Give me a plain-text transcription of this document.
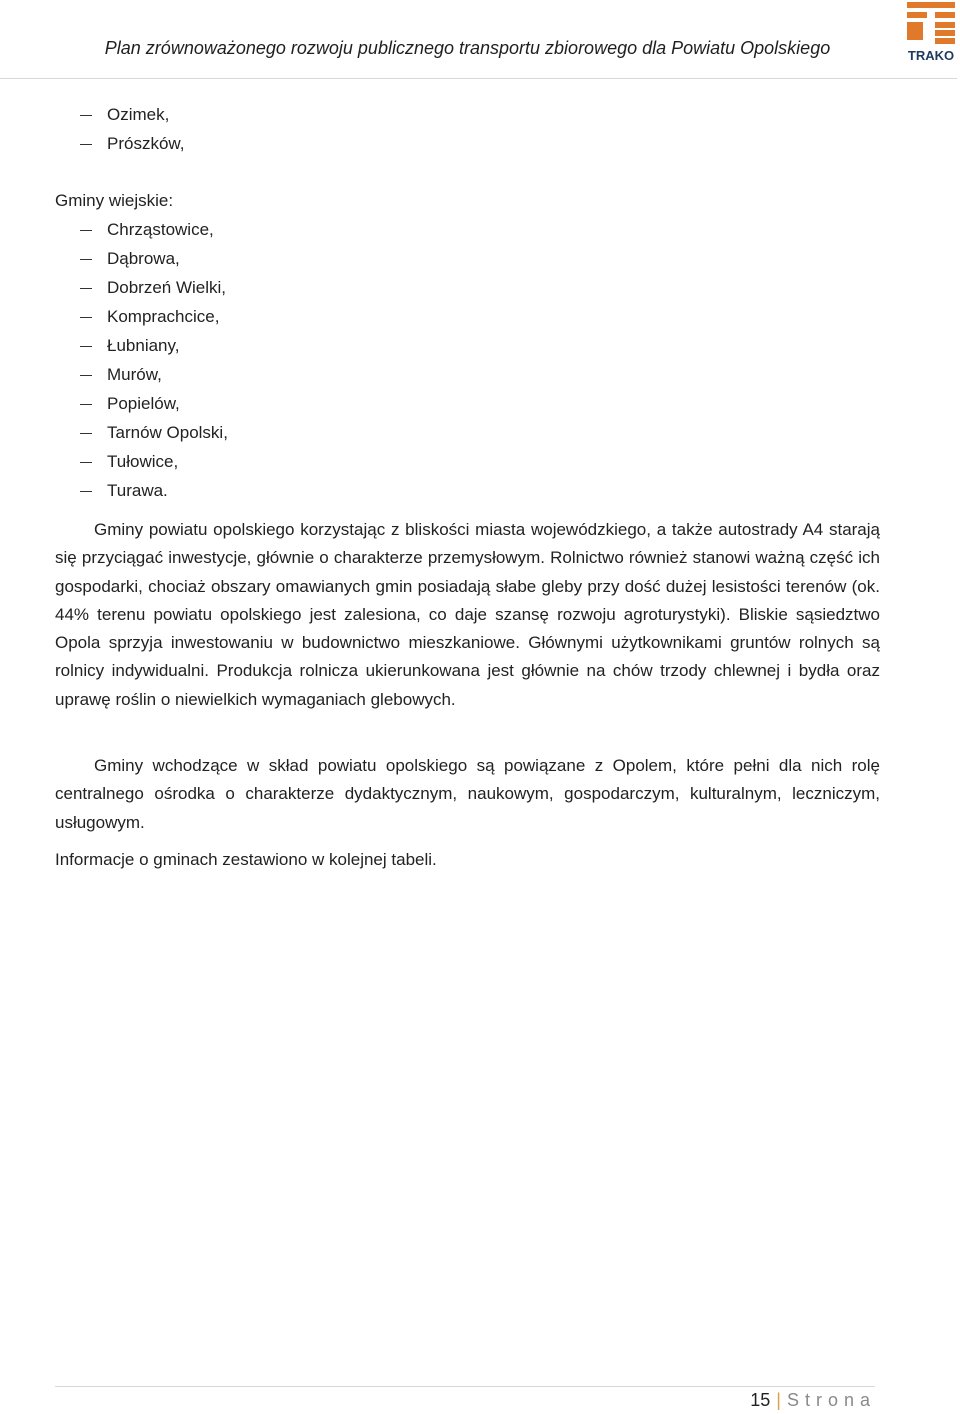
Plan zrównoważonego rozwoju publicznego transportu zbiorowego dla Powiatu Opolskiego	TRAKO
Ozimek,
Prószków,
Gminy wiejskie:
Chrząstowice,
Dąbrowa,
Dobrzeń Wielki,
Komprachcice,
Łubniany,
Murów,
Popielów,
Tarnów Opolski,
Tułowice,
Turawa.

Gminy powiatu opolskiego korzystając z bliskości miasta wojewódzkiego, a także autostrady A4 starają się przyciągać inwestycje, głównie o charakterze przemysłowym. Rolnictwo również stanowi ważną część ich gospodarki, chociaż obszary omawianych gmin posiadają słabe gleby przy dość dużej lesistości terenów (ok. 44% terenu powiatu opolskiego jest zalesiona, co daje szansę rozwoju agroturystyki). Bliskie sąsiedztwo Opola sprzyja inwestowaniu w budownictwo mieszkaniowe. Głównymi użytkownikami gruntów rolnych są rolnicy indywidualni. Produkcja rolnicza ukierunkowana jest głównie na chów trzody chlewnej i bydła oraz uprawę roślin o niewielkich wymaganiach glebowych.

Gminy wchodzące w skład powiatu opolskiego są powiązane z Opolem, które pełni dla nich rolę centralnego ośrodka o charakterze dydaktycznym, naukowym, gospodarczym, kulturalnym, leczniczym, usługowym.

Informacje o gminach zestawiono w kolejnej tabeli.

15 | Strona
